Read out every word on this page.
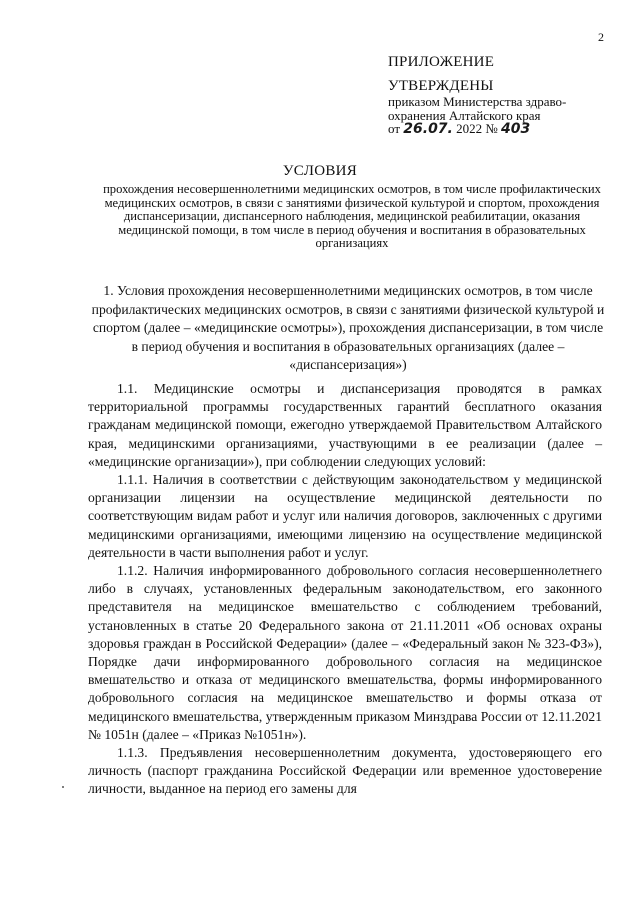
2
ПРИЛОЖЕНИЕ
УТВЕРЖДЕНЫ
приказом Министерства здраво-
охранения Алтайского края
от 26.07. 2022 № 403
УСЛОВИЯ
прохождения несовершеннолетними медицинских осмотров, в том числе профилактических медицинских осмотров, в связи с занятиями физической культурой и спортом, прохождения диспансеризации, диспансерного наблюдения, медицинской реабилитации, оказания медицинской помощи, в том числе в период обучения и воспитания в образовательных организациях
1. Условия прохождения несовершеннолетними медицинских осмотров, в том числе профилактических медицинских осмотров, в связи с занятиями физической культурой и спортом (далее – «медицинские осмотры»), прохождения диспансеризации, в том числе в период обучения и воспитания в образовательных организациях (далее – «диспансеризация»)

1.1. Медицинские осмотры и диспансеризация проводятся в рамках территориальной программы государственных гарантий бесплатного оказания гражданам медицинской помощи, ежегодно утверждаемой Правительством Алтайского края, медицинскими организациями, участвующими в ее реализации (далее – «медицинские организации»), при соблюдении следующих условий:

1.1.1. Наличия в соответствии с действующим законодательством у медицинской организации лицензии на осуществление медицинской деятельности по соответствующим видам работ и услуг или наличия договоров, заключенных с другими медицинскими организациями, имеющими лицензию на осуществление медицинской деятельности в части выполнения работ и услуг.

1.1.2. Наличия информированного добровольного согласия несовершеннолетнего либо в случаях, установленных федеральным законодательством, его законного представителя на медицинское вмешательство с соблюдением требований, установленных в статье 20 Федерального закона от 21.11.2011 «Об основах охраны здоровья граждан в Российской Федерации» (далее – «Федеральный закон № 323-ФЗ»), Порядке дачи информированного добровольного согласия на медицинское вмешательство и отказа от медицинского вмешательства, формы информированного добровольного согласия на медицинское вмешательство и формы отказа от медицинского вмешательства, утвержденным приказом Минздрава России от 12.11.2021 № 1051н (далее – «Приказ №1051н»).

1.1.3. Предъявления несовершеннолетним документа, удостоверяющего его личность (паспорт гражданина Российской Федерации или временное удостоверение личности, выданное на период его замены для
